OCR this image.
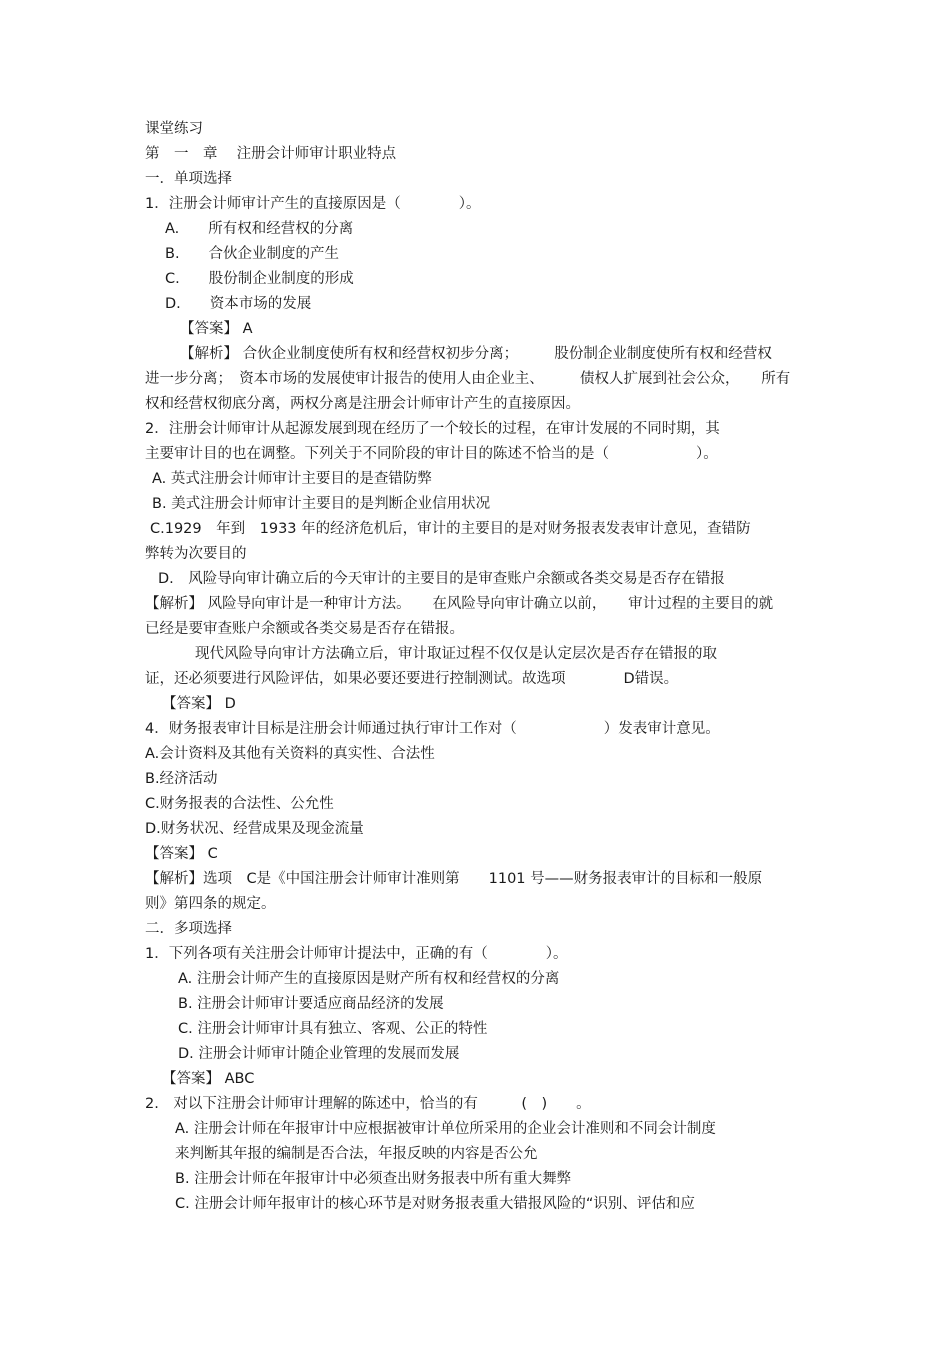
课堂练习
第　一　章　 注册会计师审计职业特点
一．单项选择
1．注册会计师审计产生的直接原因是（　　　　）。
A.　　所有权和经营权的分离
B.　　合伙企业制度的产生
C.　　股份制企业制度的形成
D.　　资本市场的发展
【答案】 A
【解析】 合伙企业制度使所有权和经营权初步分离；　　　股份制企业制度使所有权和经营权
进一步分离；　资本市场的发展使审计报告的使用人由企业主、　　　债权人扩展到社会公众，　　所有
权和经营权彻底分离，两权分离是注册会计师审计产生的直接原因。
2．注册会计师审计从起源发展到现在经历了一个较长的过程，在审计发展的不同时期，其
主要审计目的也在调整。下列关于不同阶段的审计目的陈述不恰当的是（　　　　　　）。
A. 英式注册会计师审计主要目的是查错防弊
B. 美式注册会计师审计主要目的是判断企业信用状况
C.1929　年到　1933 年的经济危机后，审计的主要目的是对财务报表发表审计意见，查错防
弊转为次要目的
D.　风险导向审计确立后的今天审计的主要目的是审查账户余额或各类交易是否存在错报
【解析】 风险导向审计是一种审计方法。　　在风险导向审计确立以前，　　审计过程的主要目的就
已经是要审查账户余额或各类交易是否存在错报。
现代风险导向审计方法确立后，审计取证过程不仅仅是认定层次是否存在错报的取
证，还必须要进行风险评估，如果必要还要进行控制测试。故选项　　　　D错误。
【答案】 D
4．财务报表审计目标是注册会计师通过执行审计工作对（　　　　　　）发表审计意见。
A.会计资料及其他有关资料的真实性、合法性
B.经济活动
C.财务报表的合法性、公允性
D.财务状况、经营成果及现金流量
【答案】 C
【解析】选项　C是《中国注册会计师审计准则第　　1101 号——财务报表审计的目标和一般原
则》第四条的规定。
二．多项选择
1．下列各项有关注册会计师审计提法中，正确的有（　　　　）。
A. 注册会计师产生的直接原因是财产所有权和经营权的分离
B. 注册会计师审计要适应商品经济的发展
C. 注册会计师审计具有独立、客观、公正的特性
D. 注册会计师审计随企业管理的发展而发展
【答案】 ABC
2.　对以下注册会计师审计理解的陈述中，恰当的有　　　(　)　　。
A. 注册会计师在年报审计中应根据被审计单位所采用的企业会计准则和不同会计制度
来判断其年报的编制是否合法，年报反映的内容是否公允
B. 注册会计师在年报审计中必须查出财务报表中所有重大舞弊
C. 注册会计师年报审计的核心环节是对财务报表重大错报风险的“识别、评估和应
